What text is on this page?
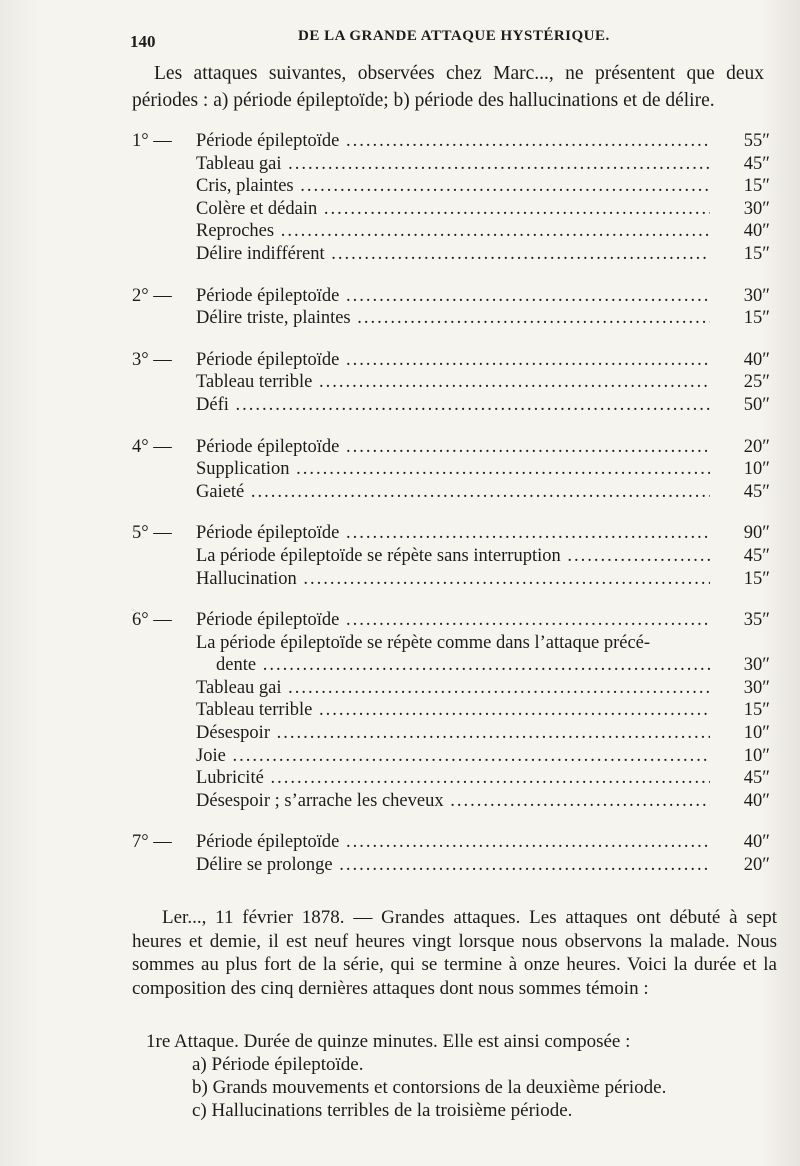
140	DE LA GRANDE ATTAQUE HYSTÉRIQUE.
Les attaques suivantes, observées chez Marc..., ne présentent que deux périodes : a) période épileptoïde; b) période des hallucinations et de délire.
1° —	Période épileptoïde .....	55″
Tableau gai .....	45″
Cris, plaintes .....	15″
Colère et dédain .....	30″
Reproches .....	40″
Délire indifférent .....	15″
2° —	Période épileptoïde .....	30″
Délire triste, plaintes .....	15″
3° —	Période épileptoïde .....	40″
Tableau terrible .....	25″
Défi .....	50″
4° —	Période épileptoïde .....	20″
Supplication .....	10″
Gaieté .....	45″
5° —	Période épileptoïde .....	90″
La période épileptoïde se répète sans interruption .....	45″
Hallucination .....	15″
6° —	Période épileptoïde .....	35″
La période épileptoïde se répète comme dans l’attaque précé-
dente .....	30″
Tableau gai .....	30″
Tableau terrible .....	15″
Désespoir .....	10″
Joie .....	10″
Lubricité .....	45″
Désespoir ; s’arrache les cheveux .....	40″
7° —	Période épileptoïde .....	40″
Délire se prolonge .....	20″
Ler..., 11 février 1878. — Grandes attaques. Les attaques ont débuté à sept heures et demie, il est neuf heures vingt lorsque nous observons la malade. Nous sommes au plus fort de la série, qui se termine à onze heures. Voici la durée et la composition des cinq dernières attaques dont nous sommes témoin :
1re Attaque. Durée de quinze minutes. Elle est ainsi composée :
a) Période épileptoïde.
b) Grands mouvements et contorsions de la deuxième période.
c) Hallucinations terribles de la troisième période.
